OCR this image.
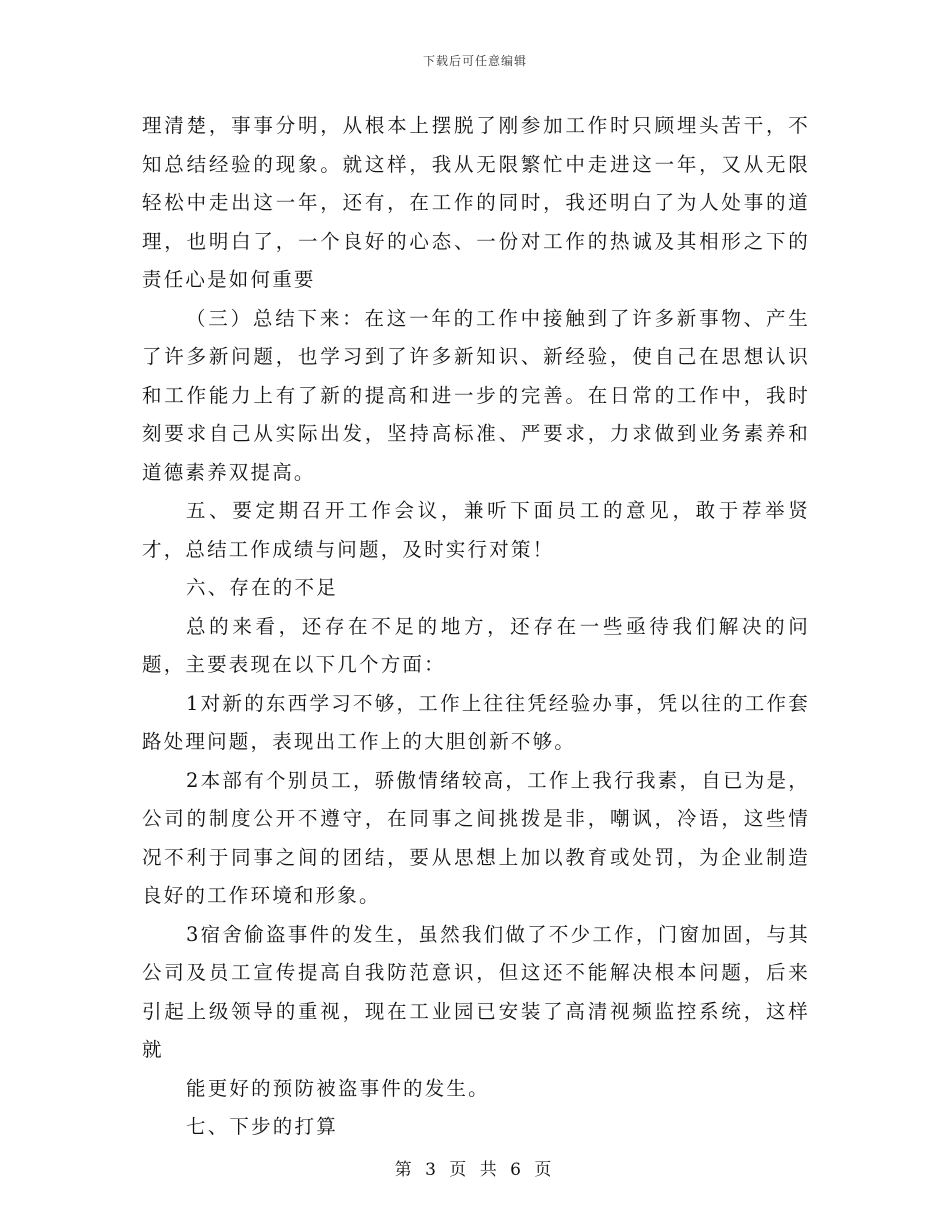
下载后可任意编辑

理清楚，事事分明，从根本上摆脱了刚参加工作时只顾埋头苦干，不知总结经验的现象。就这样，我从无限繁忙中走进这一年，又从无限轻松中走出这一年，还有，在工作的同时，我还明白了为人处事的道理，也明白了，一个良好的心态、一份对工作的热诚及其相形之下的责任心是如何重要

（三）总结下来：在这一年的工作中接触到了许多新事物、产生了许多新问题，也学习到了许多新知识、新经验，使自己在思想认识和工作能力上有了新的提高和进一步的完善。在日常的工作中，我时刻要求自己从实际出发，坚持高标准、严要求，力求做到业务素养和道德素养双提高。

五、要定期召开工作会议，兼听下面员工的意见，敢于荐举贤才，总结工作成绩与问题，及时实行对策！

六、存在的不足

总的来看，还存在不足的地方，还存在一些亟待我们解决的问题，主要表现在以下几个方面：

1对新的东西学习不够，工作上往往凭经验办事，凭以往的工作套路处理问题，表现出工作上的大胆创新不够。

2本部有个别员工，骄傲情绪较高，工作上我行我素，自已为是，公司的制度公开不遵守，在同事之间挑拨是非，嘲讽，冷语，这些情况不利于同事之间的团结，要从思想上加以教育或处罚，为企业制造良好的工作环境和形象。

3宿舍偷盗事件的发生，虽然我们做了不少工作，门窗加固，与其公司及员工宣传提高自我防范意识，但这还不能解决根本问题，后来引起上级领导的重视，现在工业园已安装了高清视频监控系统，这样就

能更好的预防被盗事件的发生。

七、下步的打算

第 3 页 共 6 页
